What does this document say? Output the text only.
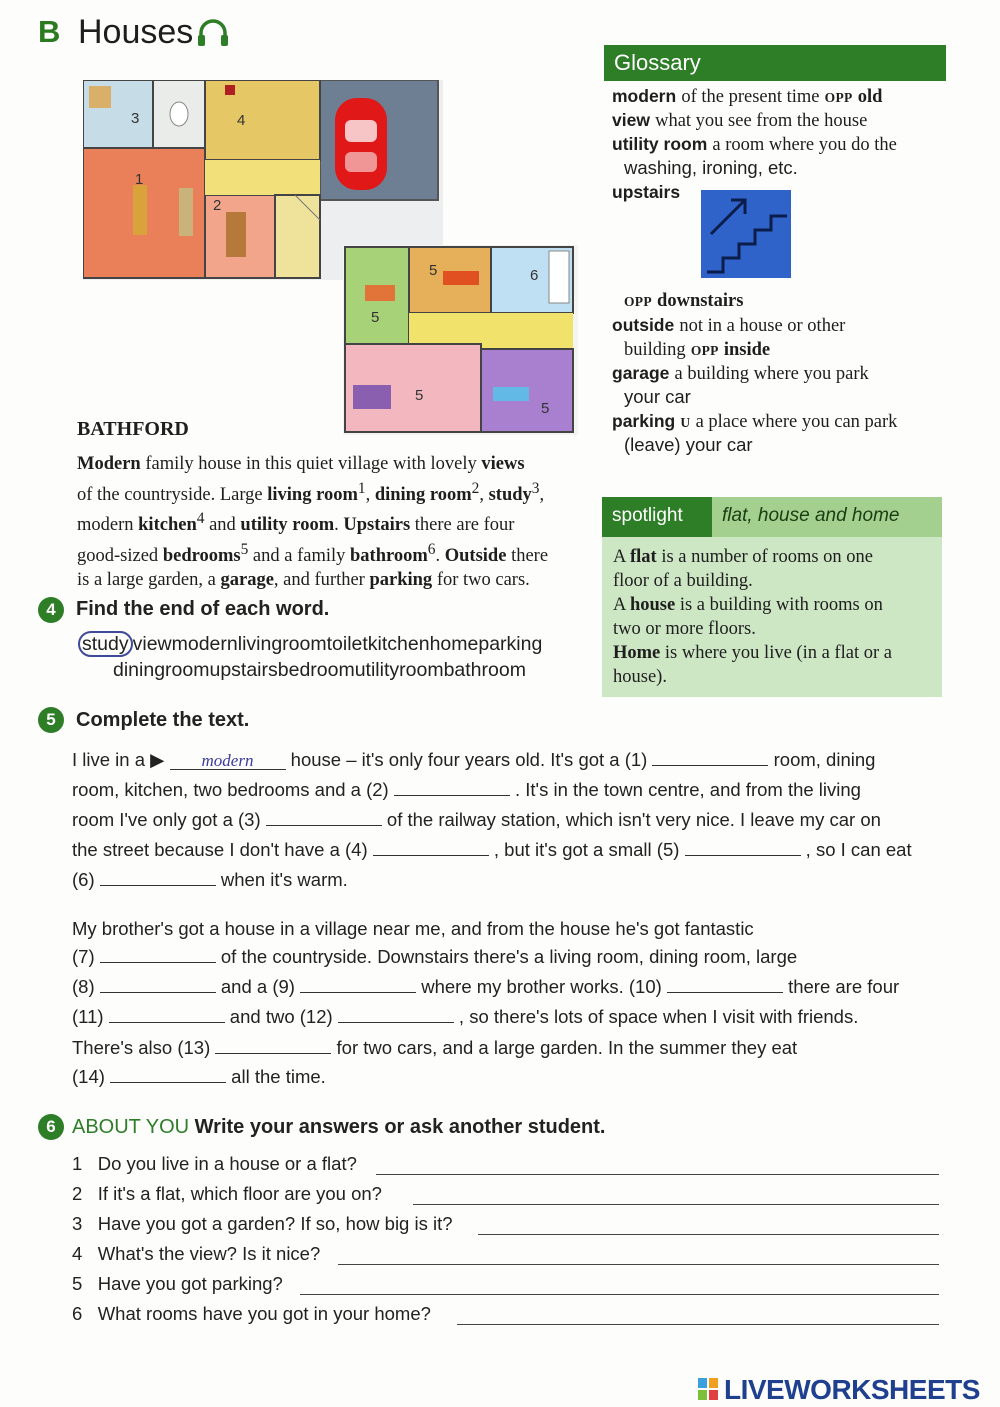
B Houses
3	4
1
2
5	6
5
5
5
Glossary
modern of the present time OPP old
view what you see from the house
utility room a room where you do the
washing, ironing, etc.
upstairs
OPP downstairs
outside not in a house or other
building OPP inside
garage a building where you park
your car
parking U a place where you can park
(leave) your car
spotlight flat, house and home
A flat is a number of rooms on one
floor of a building.
A house is a building with rooms on
two or more floors.
Home is where you live (in a flat or a
house).
BATHFORD
Modern family house in this quiet village with lovely views
of the countryside. Large living room$^1$, dining room$^2$, study$^3$,
modern kitchen$^4$ and utility room. Upstairs there are four
good-sized bedrooms$^5$ and a family bathroom$^6$. Outside there
is a large garden, a garage, and further parking for two cars.
4	Find the end of each word.
study viewmodernlivingroomtoiletkitchenhomeparking
diningroomupstairsbedroomutilityroombathroom
5	Complete the text.
I live in a ▶ modern house – it's only four years old. It's got a (1)	room, dining
room, kitchen, two bedrooms and a (2)	. It's in the town centre, and from the living
room I've only got a (3)	of the railway station, which isn't very nice. I leave my car on
the street because I don't have a (4)	, but it's got a small (5)	, so I can eat
(6)	when it's warm.
My brother's got a house in a village near me, and from the house he's got fantastic
(7)	of the countryside. Downstairs there's a living room, dining room, large
(8)	and a (9)	where my brother works. (10)	there are four
(11)	and two (12)	, so there's lots of space when I visit with friends.
There's also (13)	for two cars, and a large garden. In the summer they eat
(14)	all the time.
6 ABOUT YOU Write your answers or ask another student.
1 Do you live in a house or a flat?
2 If it's a flat, which floor are you on?
3 Have you got a garden? If so, how big is it?
4 What's the view? Is it nice?
5 Have you got parking?
6 What rooms have you got in your home?
LIVEWORKSHEETS
